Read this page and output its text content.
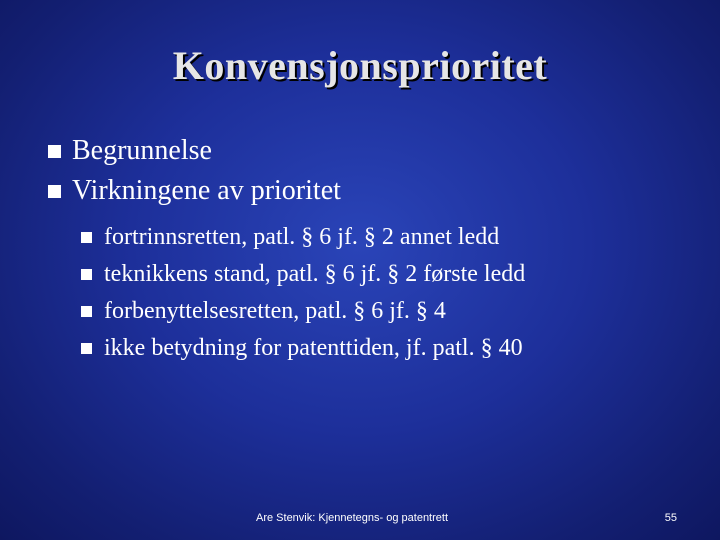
Konvensjonsprioritet
Begrunnelse
Virkningene av prioritet
fortrinnsretten, patl. § 6 jf. § 2 annet ledd
teknikkens stand, patl. § 6 jf. § 2 første ledd
forbenyttelsesretten, patl. § 6 jf. § 4
ikke betydning for patenttiden, jf. patl. § 40
Are Stenvik: Kjennetegns- og patentrett	55
